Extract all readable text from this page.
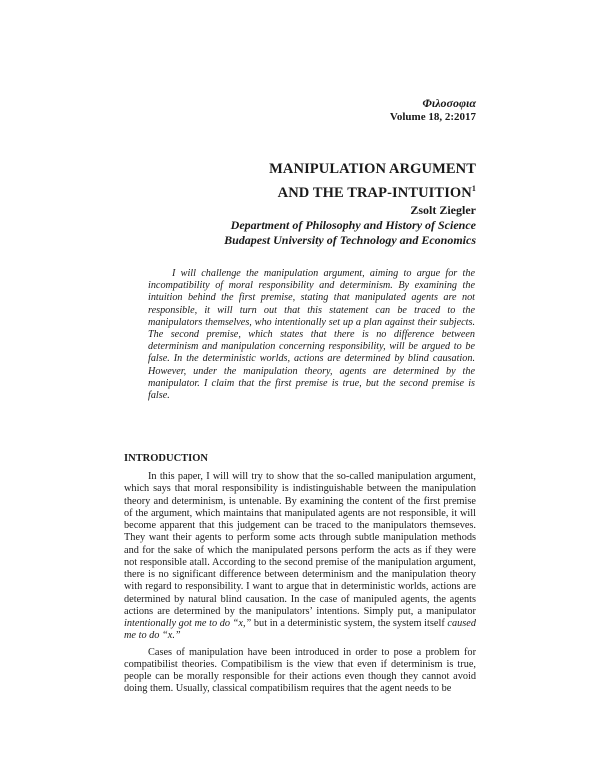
Φιλοσοφια
Volume 18, 2:2017
MANIPULATION ARGUMENT
AND THE TRAP-INTUITION$^1$
Zsolt Ziegler
Department of Philosophy and History of Science
Budapest University of Technology and Economics
I will challenge the manipulation argument, aiming to argue for the incompatibility of moral responsibility and determinism. By examining the intuition behind the first premise, stating that manipulated agents are not responsible, it will turn out that this statement can be traced to the manipulators themselves, who intentionally set up a plan against their subjects. The second premise, which states that there is no difference between determinism and manipulation concerning responsibility, will be argued to be false. In the deterministic worlds, actions are determined by blind causation. However, under the manipulation theory, agents are determined by the manipulator. I claim that the first premise is true, but the second premise is false.
INTRODUCTION

In this paper, I will will try to show that the so-called manipulation argument, which says that moral responsibility is indistinguishable between the manipulation theory and determinism, is untenable. By examining the content of the first premise of the argument, which maintains that manipulated agents are not responsible, it will become apparent that this judgement can be traced to the manipulators themseves. They want their agents to perform some acts through subtle manipulation methods and for the sake of which the manipulated persons perform the acts as if they were not responsible atall. According to the second premise of the manipulation argument, there is no significant difference between determinism and the manipulation theory with regard to responsibility. I want to argue that in deterministic worlds, actions are determined by natural blind causation. In the case of manipuled agents, the agents actions are determined by the manipulators’ intentions. Simply put, a manipulator intentionally got me to do “x,” but in a deterministic system, the system itself caused me to do “x.”

Cases of manipulation have been introduced in order to pose a problem for compatibilist theories. Compatibilism is the view that even if determinism is true, people can be morally responsible for their actions even though they cannot avoid doing them. Usually, classical compatibilism requires that the agent needs to be
